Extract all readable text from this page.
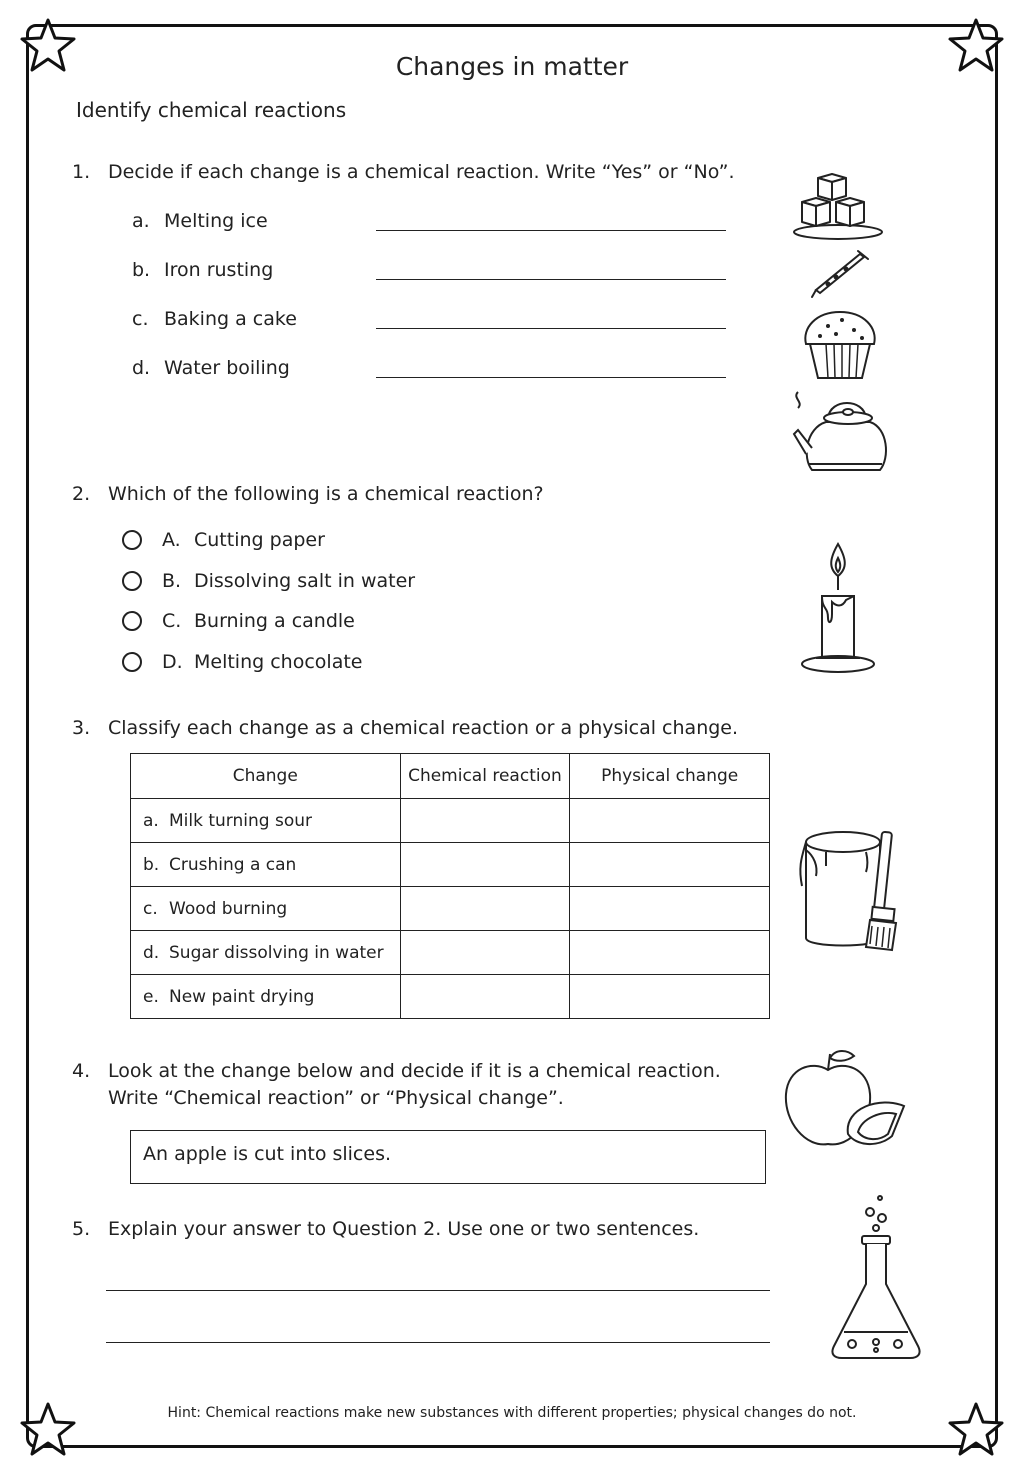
Changes in matter
Identify chemical reactions
1. Decide if each change is a chemical reaction. Write “Yes” or “No”.
a. Melting ice
b. Iron rusting
c. Baking a cake
d. Water boiling
2. Which of the following is a chemical reaction?
A. Cutting paper
B. Dissolving salt in water
C. Burning a candle
D. Melting chocolate
3. Classify each change as a chemical reaction or a physical change.
Change	Chemical reaction	Physical change
a. Milk turning sour		
b. Crushing a can		
c. Wood burning		
d. Sugar dissolving in water		
e. New paint drying		
4. Look at the change below and decide if it is a chemical reaction.
Write “Chemical reaction” or “Physical change”.
An apple is cut into slices.
5. Explain your answer to Question 2. Use one or two sentences.
Hint: Chemical reactions make new substances with different properties; physical changes do not.
